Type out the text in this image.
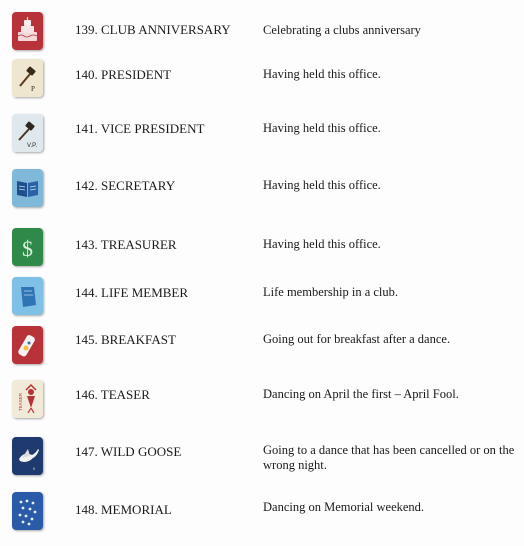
139. CLUB ANNIVERSARY	Celebrating a clubs anniversary
P
140. PRESIDENT	Having held this office.
V.P.
141. VICE PRESIDENT	Having held this office.
142. SECRETARY	Having held this office.
$	143. TREASURER	Having held this office.
144. LIFE MEMBER	Life membership in a club.
145. BREAKFAST	Going out for breakfast after a dance.
TEASER	146. TEASER	Dancing on April the first – April Fool.
ʬ
147. WILD GOOSE	Going to a dance that has been cancelled or on the wrong night.
148. MEMORIAL	Dancing on Memorial weekend.
